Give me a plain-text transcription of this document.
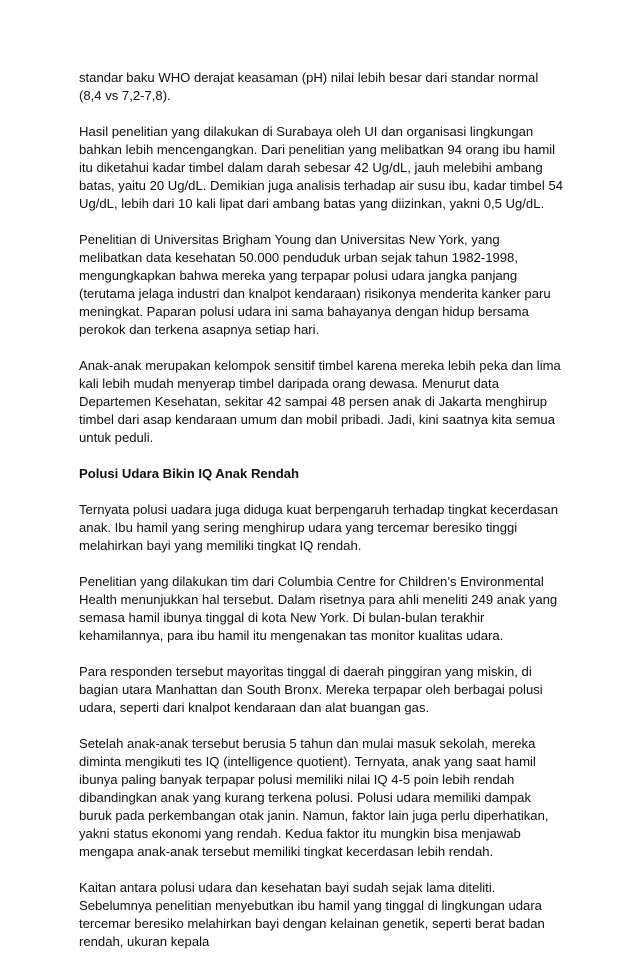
standar baku WHO derajat keasaman (pH) nilai lebih besar dari standar normal (8,4 vs 7,2-7,8).

Hasil penelitian yang dilakukan di Surabaya oleh UI dan organisasi lingkungan bahkan lebih mencengangkan. Dari penelitian yang melibatkan 94 orang ibu hamil itu diketahui kadar timbel dalam darah sebesar 42 Ug/dL, jauh melebihi ambang batas, yaitu 20 Ug/dL. Demikian juga analisis terhadap air susu ibu, kadar timbel 54 Ug/dL, lebih dari 10 kali lipat dari ambang batas yang diizinkan, yakni 0,5 Ug/dL.

Penelitian di Universitas Brigham Young dan Universitas New York, yang melibatkan data kesehatan 50.000 penduduk urban sejak tahun 1982-1998, mengungkapkan bahwa mereka yang terpapar polusi udara jangka panjang (terutama jelaga industri dan knalpot kendaraan) risikonya menderita kanker paru meningkat. Paparan polusi udara ini sama bahayanya dengan hidup bersama perokok dan terkena asapnya setiap hari.

Anak-anak merupakan kelompok sensitif timbel karena mereka lebih peka dan lima kali lebih mudah menyerap timbel daripada orang dewasa. Menurut data Departemen Kesehatan, sekitar 42 sampai 48 persen anak di Jakarta menghirup timbel dari asap kendaraan umum dan mobil pribadi. Jadi, kini saatnya kita semua untuk peduli.

Polusi Udara Bikin IQ Anak Rendah

Ternyata polusi uadara juga diduga kuat berpengaruh terhadap tingkat kecerdasan anak. Ibu hamil yang sering menghirup udara yang tercemar beresiko tinggi melahirkan bayi yang memiliki tingkat IQ rendah.

Penelitian yang dilakukan tim dari Columbia Centre for Children’s Environmental Health menunjukkan hal tersebut. Dalam risetnya para ahli meneliti 249 anak yang semasa hamil ibunya tinggal di kota New York. Di bulan-bulan terakhir kehamilannya, para ibu hamil itu mengenakan tas monitor kualitas udara.

Para responden tersebut mayoritas tinggal di daerah pinggiran yang miskin, di bagian utara Manhattan dan South Bronx. Mereka terpapar oleh berbagai polusi udara, seperti dari knalpot kendaraan dan alat buangan gas.

Setelah anak-anak tersebut berusia 5 tahun dan mulai masuk sekolah, mereka diminta mengikuti tes IQ (intelligence quotient). Ternyata, anak yang saat hamil ibunya paling banyak terpapar polusi memiliki nilai IQ 4-5 poin lebih rendah dibandingkan anak yang kurang terkena polusi. Polusi udara memiliki dampak buruk pada perkembangan otak janin. Namun, faktor lain juga perlu diperhatikan, yakni status ekonomi yang rendah. Kedua faktor itu mungkin bisa menjawab mengapa anak-anak tersebut memiliki tingkat kecerdasan lebih rendah.

Kaitan antara polusi udara dan kesehatan bayi sudah sejak lama diteliti. Sebelumnya penelitian menyebutkan ibu hamil yang tinggal di lingkungan udara tercemar beresiko melahirkan bayi dengan kelainan genetik, seperti berat badan rendah, ukuran kepala
